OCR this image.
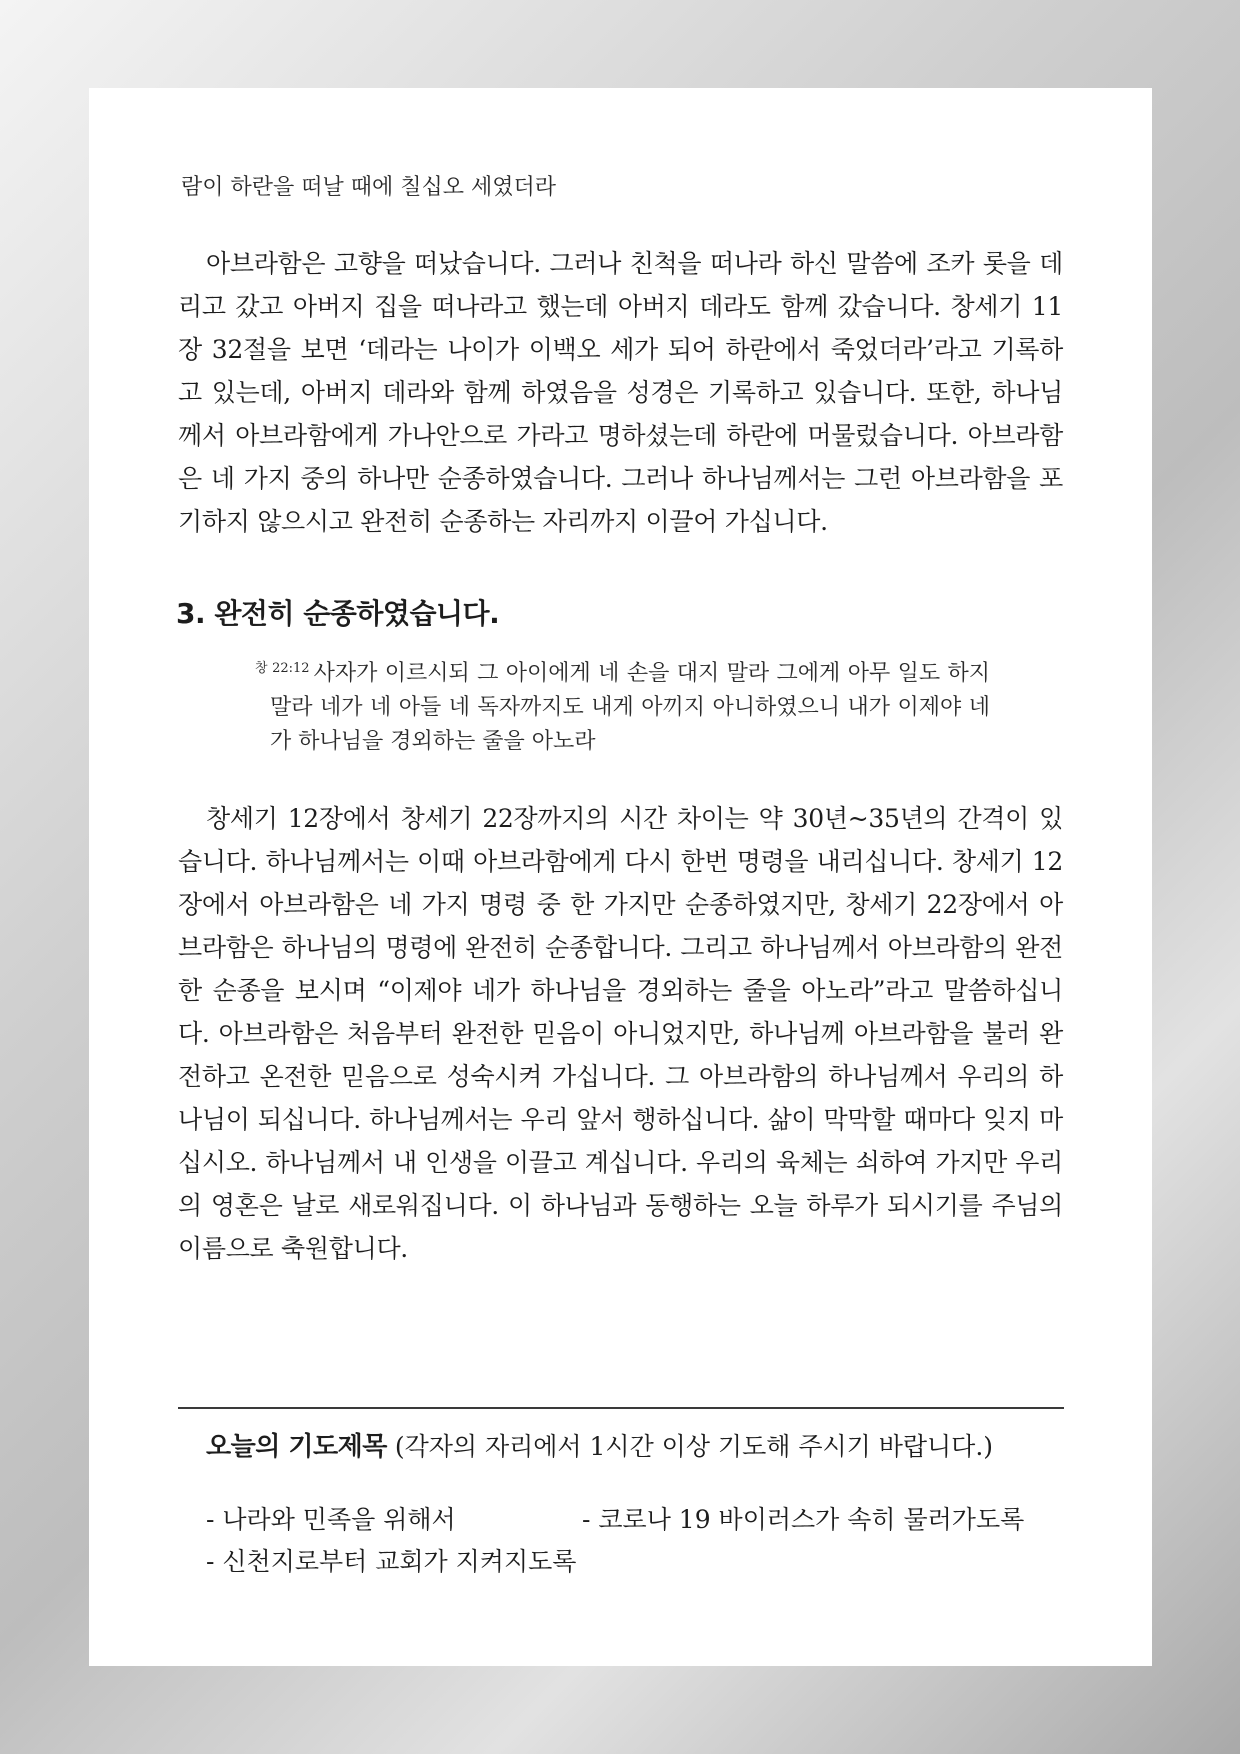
람이 하란을 떠날 때에 칠십오 세였더라
아브라함은 고향을 떠났습니다. 그러나 친척을 떠나라 하신 말씀에 조카 롯을 데리고 갔고 아버지 집을 떠나라고 했는데 아버지 데라도 함께 갔습니다. 창세기 11장 32절을 보면 ‘데라는 나이가 이백오 세가 되어 하란에서 죽었더라’라고 기록하고 있는데, 아버지 데라와 함께 하였음을 성경은 기록하고 있습니다. 또한, 하나님께서 아브라함에게 가나안으로 가라고 명하셨는데 하란에 머물렀습니다. 아브라함은 네 가지 중의 하나만 순종하였습니다. 그러나 하나님께서는 그런 아브라함을 포기하지 않으시고 완전히 순종하는 자리까지 이끌어 가십니다.
3. 완전히 순종하였습니다.
$^{창 22:12}$ 사자가 이르시되 그 아이에게 네 손을 대지 말라 그에게 아무 일도 하지 말라 네가 네 아들 네 독자까지도 내게 아끼지 아니하였으니 내가 이제야 네가 하나님을 경외하는 줄을 아노라
창세기 12장에서 창세기 22장까지의 시간 차이는 약 30년~35년의 간격이 있습니다. 하나님께서는 이때 아브라함에게 다시 한번 명령을 내리십니다. 창세기 12장에서 아브라함은 네 가지 명령 중 한 가지만 순종하였지만, 창세기 22장에서 아브라함은 하나님의 명령에 완전히 순종합니다. 그리고 하나님께서 아브라함의 완전한 순종을 보시며 “이제야 네가 하나님을 경외하는 줄을 아노라”라고 말씀하십니다. 아브라함은 처음부터 완전한 믿음이 아니었지만, 하나님께 아브라함을 불러 완전하고 온전한 믿음으로 성숙시켜 가십니다. 그 아브라함의 하나님께서 우리의 하나님이 되십니다. 하나님께서는 우리 앞서 행하십니다. 삶이 막막할 때마다 잊지 마십시오. 하나님께서 내 인생을 이끌고 계십니다. 우리의 육체는 쇠하여 가지만 우리의 영혼은 날로 새로워집니다. 이 하나님과 동행하는 오늘 하루가 되시기를 주님의 이름으로 축원합니다.
오늘의 기도제목 (각자의 자리에서 1시간 이상 기도해 주시기 바랍니다.)
- 나라와 민족을 위해서	- 코로나 19 바이러스가 속히 물러가도록
- 신천지로부터 교회가 지켜지도록
